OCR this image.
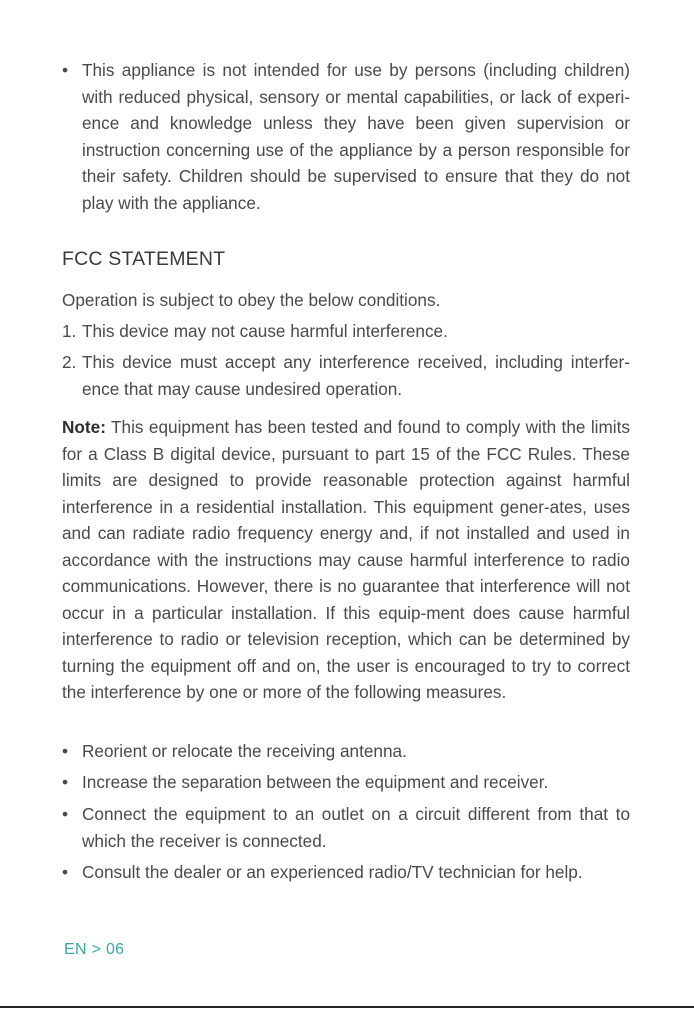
• This appliance is not intended for use by persons (including children) with reduced physical, sensory or mental capabilities, or lack of experi-ence and knowledge unless they have been given supervision or instruction concerning use of the appliance by a person responsible for their safety. Children should be supervised to ensure that they do not play with the appliance.
FCC STATEMENT
Operation is subject to obey the below conditions.
1. This device may not cause harmful interference.
2. This device must accept any interference received, including interfer-ence that may cause undesired operation.
Note: This equipment has been tested and found to comply with the limits for a Class B digital device, pursuant to part 15 of the FCC Rules. These limits are designed to provide reasonable protection against harmful interference in a residential installation. This equipment gener-ates, uses and can radiate radio frequency energy and, if not installed and used in accordance with the instructions may cause harmful interference to radio communications. However, there is no guarantee that interference will not occur in a particular installation. If this equip-ment does cause harmful interference to radio or television reception, which can be determined by turning the equipment off and on, the user is encouraged to try to correct the interference by one or more of the following measures.
• Reorient or relocate the receiving antenna.
• Increase the separation between the equipment and receiver.
• Connect the equipment to an outlet on a circuit different from that to which the receiver is connected.
• Consult the dealer or an experienced radio/TV technician for help.
EN > 06
